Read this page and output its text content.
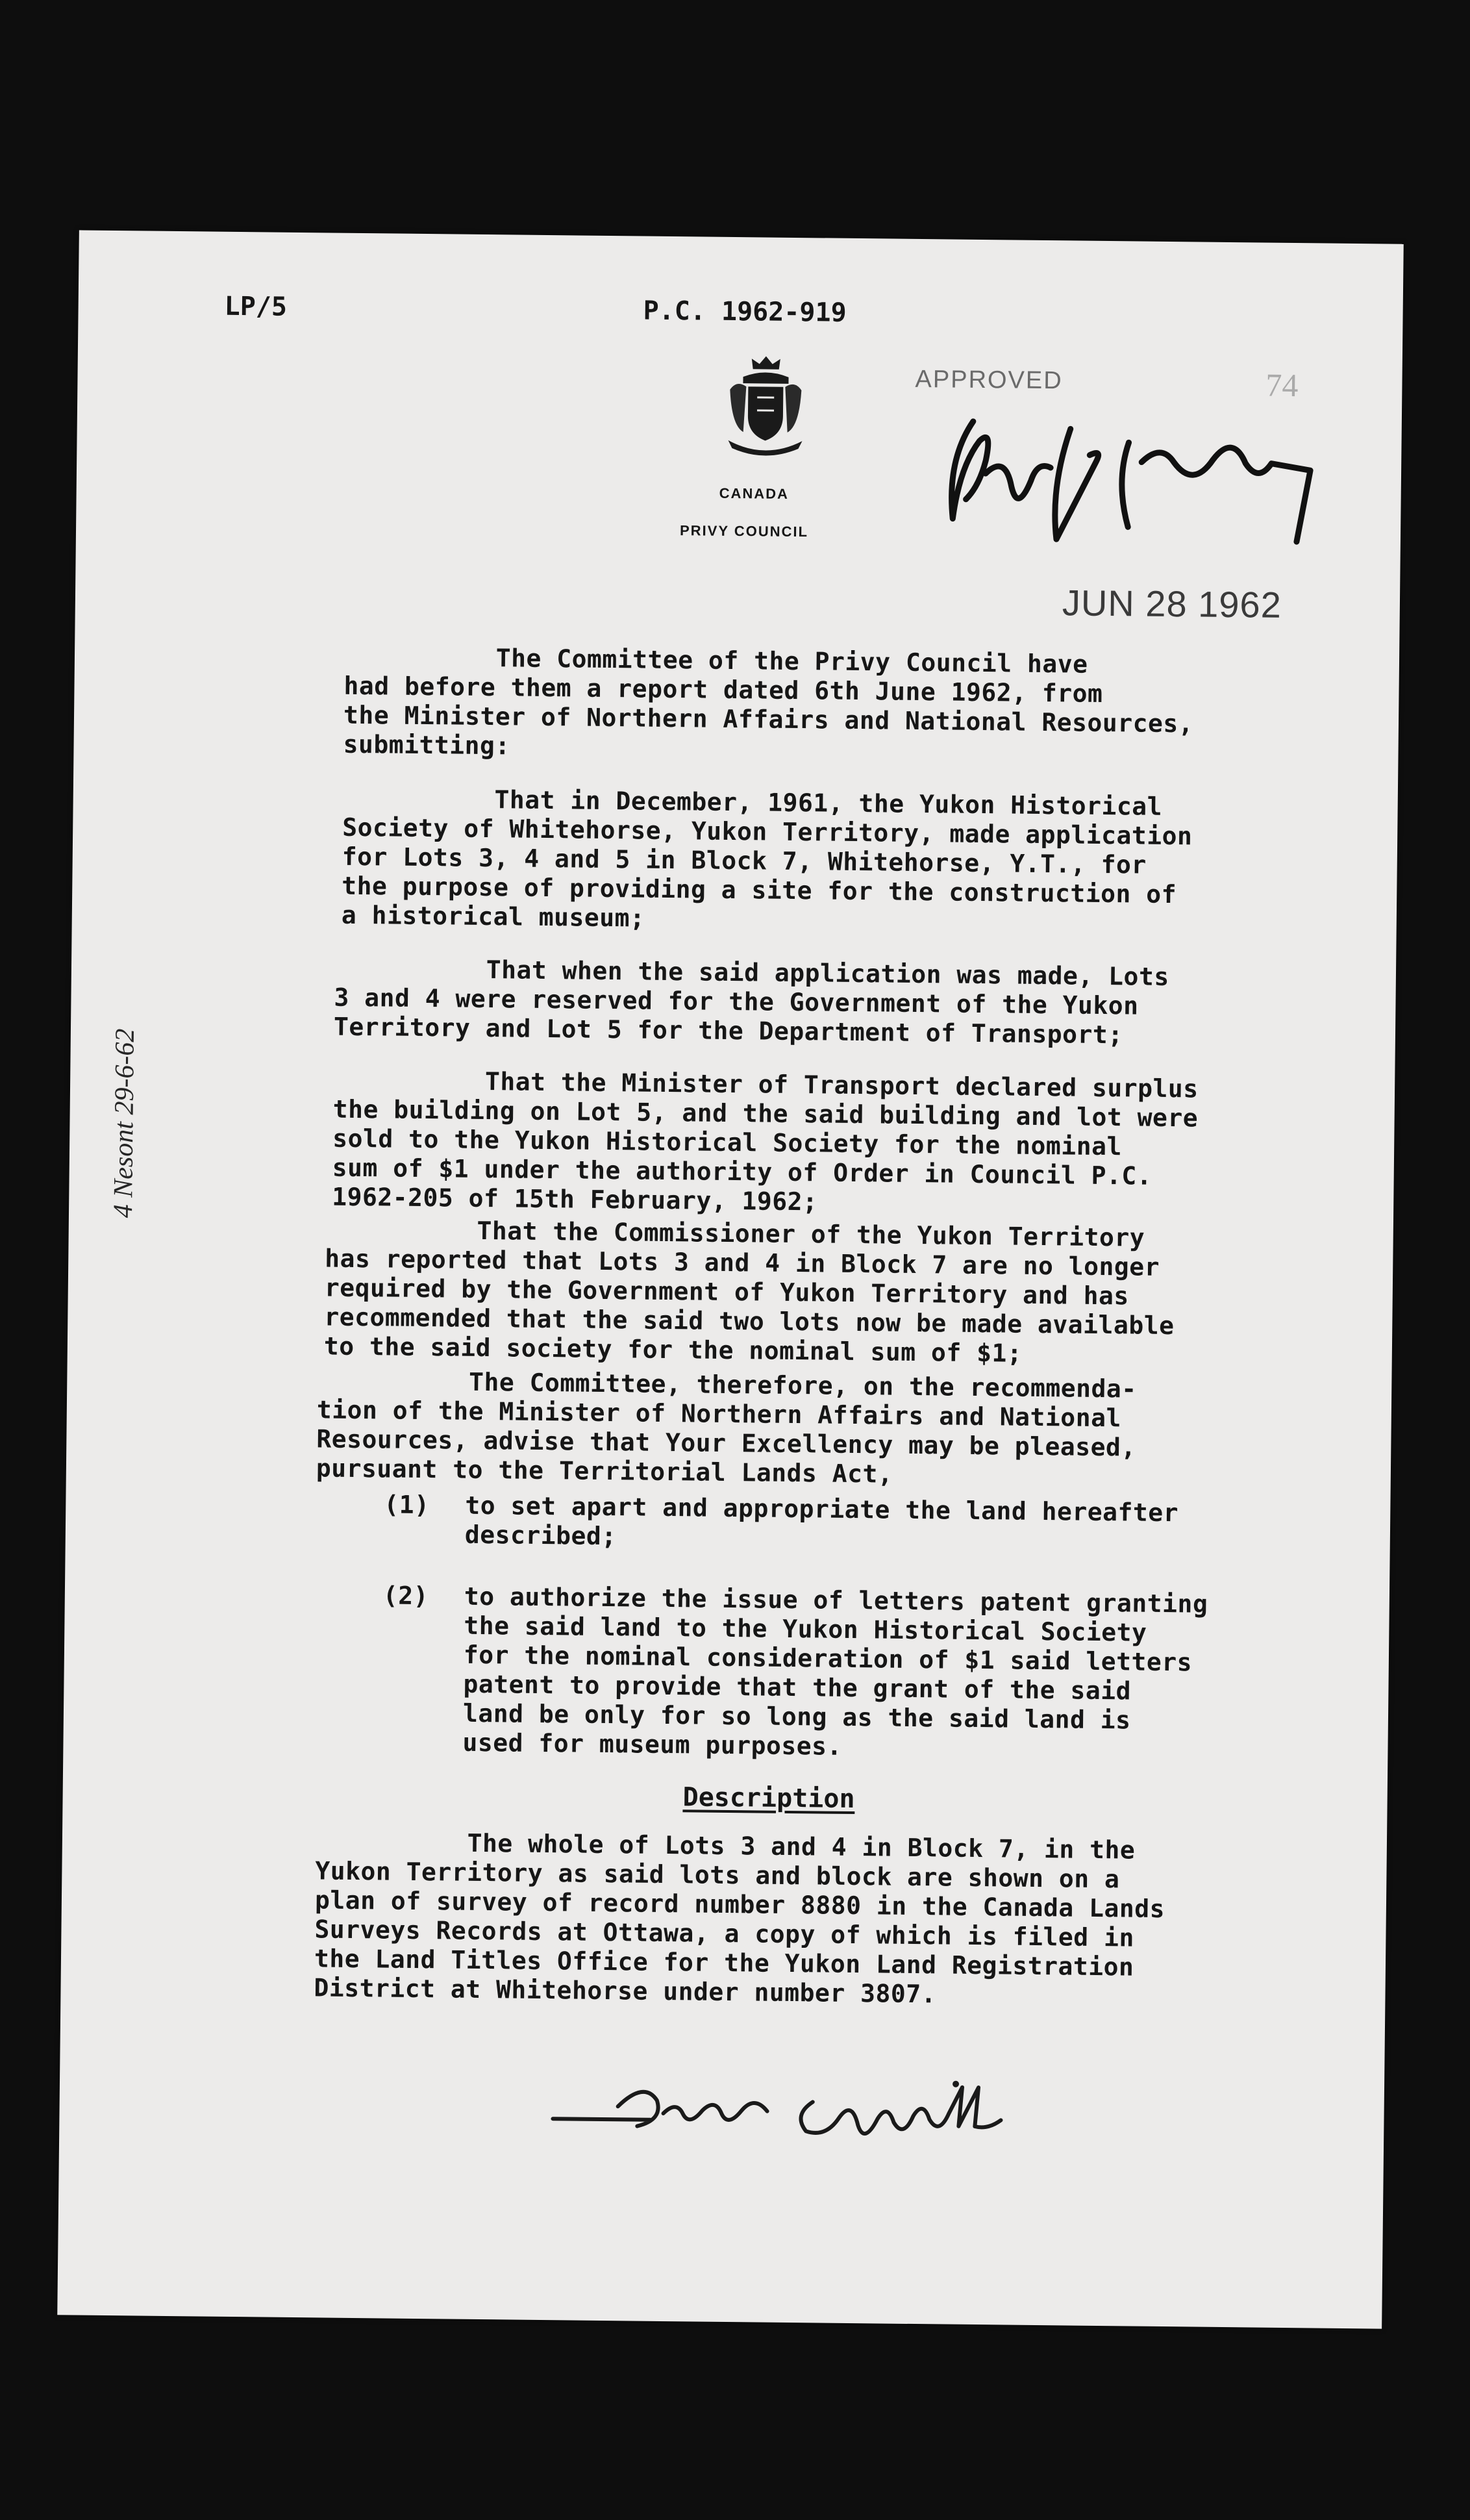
LP/5	P.C. 1962-919
CANADA
PRIVY COUNCIL
APPROVED	74
JUN 28 1962
4 Nesont 29-6-62
The Committee of the Privy Council have
had before them a report dated 6th June 1962, from
the Minister of Northern Affairs and National Resources,
submitting:
That in December, 1961, the Yukon Historical
Society of Whitehorse, Yukon Territory, made application
for Lots 3, 4 and 5 in Block 7, Whitehorse, Y.T., for
the purpose of providing a site for the construction of
a historical museum;
That when the said application was made, Lots
3 and 4 were reserved for the Government of the Yukon
Territory and Lot 5 for the Department of Transport;
That the Minister of Transport declared surplus
the building on Lot 5, and the said building and lot were
sold to the Yukon Historical Society for the nominal
sum of $1 under the authority of Order in Council P.C.
1962-205 of 15th February, 1962;
That the Commissioner of the Yukon Territory
has reported that Lots 3 and 4 in Block 7 are no longer
required by the Government of Yukon Territory and has
recommended that the said two lots now be made available
to the said society for the nominal sum of $1;
The Committee, therefore, on the recommenda-
tion of the Minister of Northern Affairs and National
Resources, advise that Your Excellency may be pleased,
pursuant to the Territorial Lands Act,
(1) to set apart and appropriate the land hereafter
described;
(2) to authorize the issue of letters patent granting
the said land to the Yukon Historical Society
for the nominal consideration of $1 said letters
patent to provide that the grant of the said
land be only for so long as the said land is
used for museum purposes.
Description
The whole of Lots 3 and 4 in Block 7, in the
Yukon Territory as said lots and block are shown on a
plan of survey of record number 8880 in the Canada Lands
Surveys Records at Ottawa, a copy of which is filed in
the Land Titles Office for the Yukon Land Registration
District at Whitehorse under number 3807.
